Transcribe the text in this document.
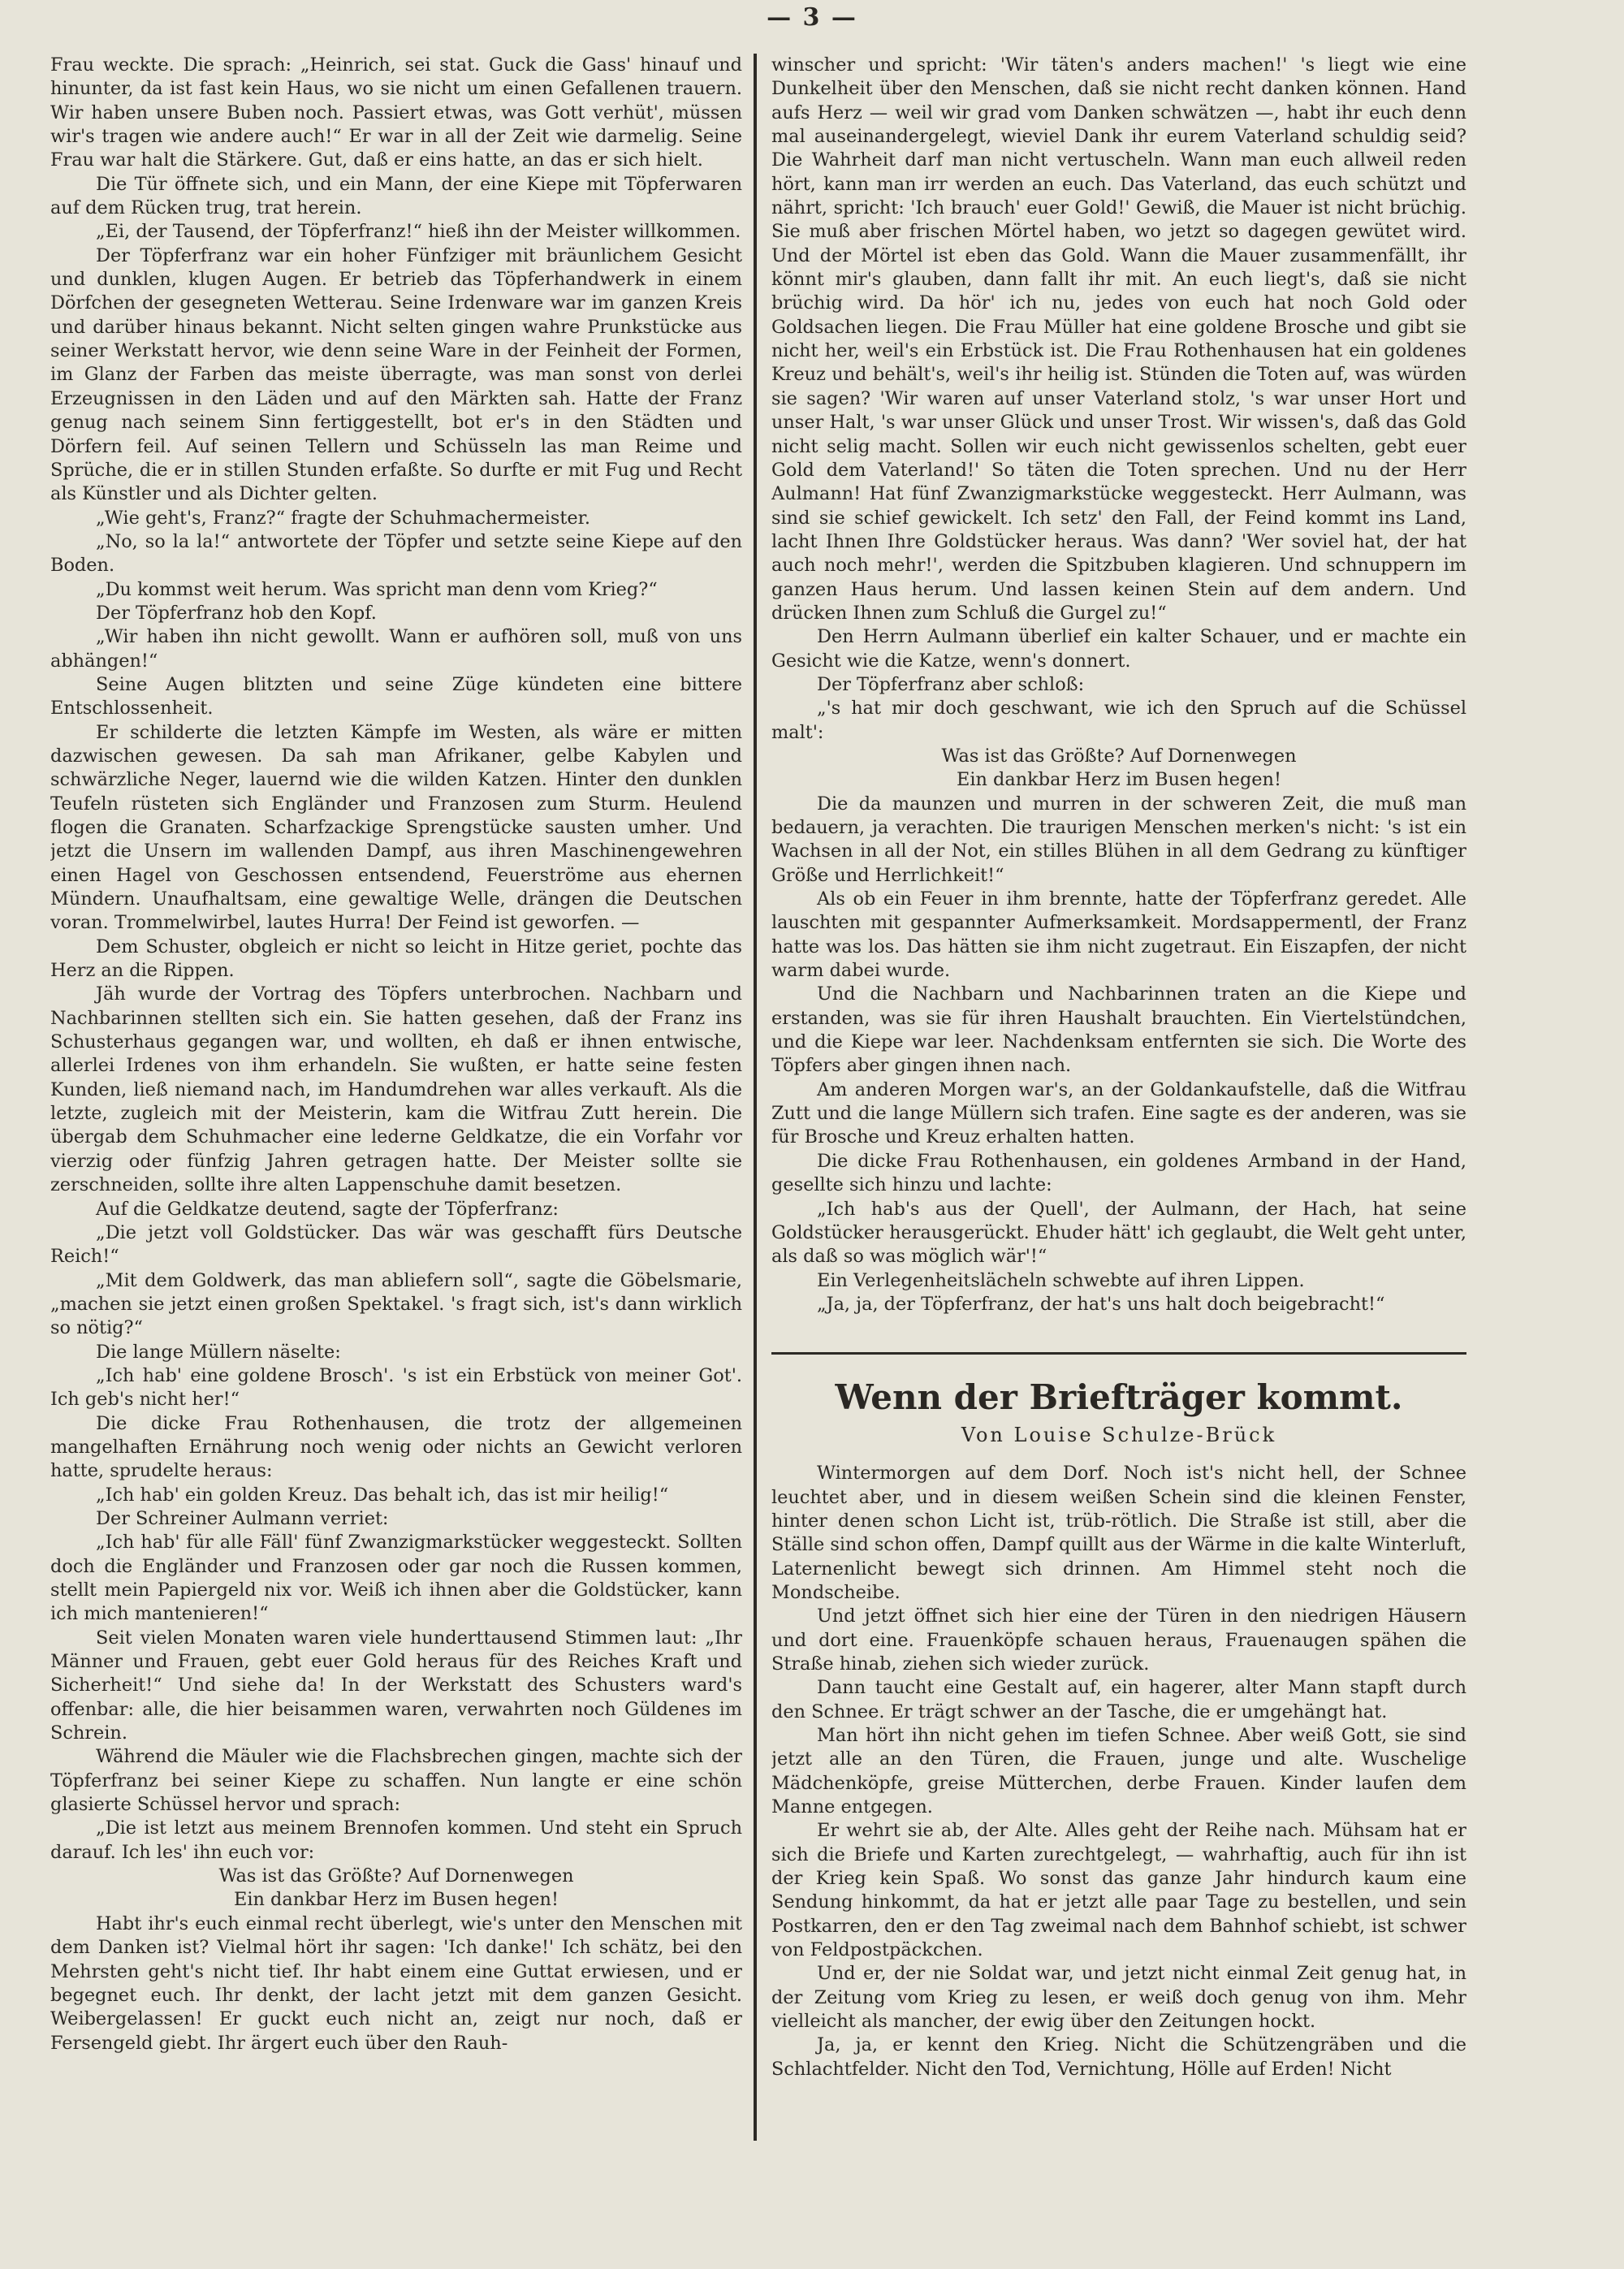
— 3 —

Frau weckte. Die sprach: „Heinrich, sei stat. Guck die Gass' hinauf und hinunter, da ist fast kein Haus, wo sie nicht um einen Gefallenen trauern. Wir haben unsere Buben noch. Passiert etwas, was Gott verhüt', müssen wir's tragen wie andere auch!“ Er war in all der Zeit wie darmelig. Seine Frau war halt die Stärkere. Gut, daß er eins hatte, an das er sich hielt.

Die Tür öffnete sich, und ein Mann, der eine Kiepe mit Töpferwaren auf dem Rücken trug, trat herein.

„Ei, der Tausend, der Töpferfranz!“ hieß ihn der Meister willkommen.

Der Töpferfranz war ein hoher Fünfziger mit bräunlichem Gesicht und dunklen, klugen Augen. Er betrieb das Töpferhandwerk in einem Dörfchen der gesegneten Wetterau. Seine Irdenware war im ganzen Kreis und darüber hinaus bekannt. Nicht selten gingen wahre Prunkstücke aus seiner Werkstatt hervor, wie denn seine Ware in der Feinheit der Formen, im Glanz der Farben das meiste überragte, was man sonst von derlei Erzeugnissen in den Läden und auf den Märkten sah. Hatte der Franz genug nach seinem Sinn fertiggestellt, bot er's in den Städten und Dörfern feil. Auf seinen Tellern und Schüsseln las man Reime und Sprüche, die er in stillen Stunden erfaßte. So durfte er mit Fug und Recht als Künstler und als Dichter gelten.

„Wie geht's, Franz?“ fragte der Schuhmachermeister.

„No, so la la!“ antwortete der Töpfer und setzte seine Kiepe auf den Boden.

„Du kommst weit herum. Was spricht man denn vom Krieg?“

Der Töpferfranz hob den Kopf.

„Wir haben ihn nicht gewollt. Wann er aufhören soll, muß von uns abhängen!“

Seine Augen blitzten und seine Züge kündeten eine bittere Entschlossenheit.

Er schilderte die letzten Kämpfe im Westen, als wäre er mitten dazwischen gewesen. Da sah man Afrikaner, gelbe Kabylen und schwärzliche Neger, lauernd wie die wilden Katzen. Hinter den dunklen Teufeln rüsteten sich Engländer und Franzosen zum Sturm. Heulend flogen die Granaten. Scharfzackige Sprengstücke sausten umher. Und jetzt die Unsern im wallenden Dampf, aus ihren Maschinengewehren einen Hagel von Geschossen entsendend, Feuerströme aus ehernen Mündern. Unaufhaltsam, eine gewaltige Welle, drängen die Deutschen voran. Trommelwirbel, lautes Hurra! Der Feind ist geworfen. —

Dem Schuster, obgleich er nicht so leicht in Hitze geriet, pochte das Herz an die Rippen.

Jäh wurde der Vortrag des Töpfers unterbrochen. Nachbarn und Nachbarinnen stellten sich ein. Sie hatten gesehen, daß der Franz ins Schusterhaus gegangen war, und wollten, eh daß er ihnen entwische, allerlei Irdenes von ihm erhandeln. Sie wußten, er hatte seine festen Kunden, ließ niemand nach, im Handumdrehen war alles verkauft. Als die letzte, zugleich mit der Meisterin, kam die Witfrau Zutt herein. Die übergab dem Schuhmacher eine lederne Geldkatze, die ein Vorfahr vor vierzig oder fünfzig Jahren getragen hatte. Der Meister sollte sie zerschneiden, sollte ihre alten Lappenschuhe damit besetzen.

Auf die Geldkatze deutend, sagte der Töpferfranz:

„Die jetzt voll Goldstücker. Das wär was geschafft fürs Deutsche Reich!“

„Mit dem Goldwerk, das man abliefern soll“, sagte die Göbelsmarie, „machen sie jetzt einen großen Spektakel. 's fragt sich, ist's dann wirklich so nötig?“

Die lange Müllern näselte:

„Ich hab' eine goldene Brosch'. 's ist ein Erbstück von meiner Got'. Ich geb's nicht her!“

Die dicke Frau Rothenhausen, die trotz der allgemeinen mangelhaften Ernährung noch wenig oder nichts an Gewicht verloren hatte, sprudelte heraus:

„Ich hab' ein golden Kreuz. Das behalt ich, das ist mir heilig!“

Der Schreiner Aulmann verriet:

„Ich hab' für alle Fäll' fünf Zwanzigmarkstücker weggesteckt. Sollten doch die Engländer und Franzosen oder gar noch die Russen kommen, stellt mein Papiergeld nix vor. Weiß ich ihnen aber die Goldstücker, kann ich mich mantenieren!“

Seit vielen Monaten waren viele hunderttausend Stimmen laut: „Ihr Männer und Frauen, gebt euer Gold heraus für des Reiches Kraft und Sicherheit!“ Und siehe da! In der Werkstatt des Schusters ward's offenbar: alle, die hier beisammen waren, verwahrten noch Güldenes im Schrein.

Während die Mäuler wie die Flachsbrechen gingen, machte sich der Töpferfranz bei seiner Kiepe zu schaffen. Nun langte er eine schön glasierte Schüssel hervor und sprach:

„Die ist letzt aus meinem Brennofen kommen. Und steht ein Spruch darauf. Ich les' ihn euch vor:

Was ist das Größte? Auf Dornenwegen

Ein dankbar Herz im Busen hegen!

Habt ihr's euch einmal recht überlegt, wie's unter den Menschen mit dem Danken ist? Vielmal hört ihr sagen: 'Ich danke!' Ich schätz, bei den Mehrsten geht's nicht tief. Ihr habt einem eine Guttat erwiesen, und er begegnet euch. Ihr denkt, der lacht jetzt mit dem ganzen Gesicht. Weibergelassen! Er guckt euch nicht an, zeigt nur noch, daß er Fersengeld giebt. Ihr ärgert euch über den Rauh-

winscher und spricht: 'Wir täten's anders machen!' 's liegt wie eine Dunkelheit über den Menschen, daß sie nicht recht danken können. Hand aufs Herz — weil wir grad vom Danken schwätzen —, habt ihr euch denn mal auseinandergelegt, wieviel Dank ihr eurem Vaterland schuldig seid? Die Wahrheit darf man nicht vertuscheln. Wann man euch allweil reden hört, kann man irr werden an euch. Das Vaterland, das euch schützt und nährt, spricht: 'Ich brauch' euer Gold!' Gewiß, die Mauer ist nicht brüchig. Sie muß aber frischen Mörtel haben, wo jetzt so dagegen gewütet wird. Und der Mörtel ist eben das Gold. Wann die Mauer zusammenfällt, ihr könnt mir's glauben, dann fallt ihr mit. An euch liegt's, daß sie nicht brüchig wird. Da hör' ich nu, jedes von euch hat noch Gold oder Goldsachen liegen. Die Frau Müller hat eine goldene Brosche und gibt sie nicht her, weil's ein Erbstück ist. Die Frau Rothenhausen hat ein goldenes Kreuz und behält's, weil's ihr heilig ist. Stünden die Toten auf, was würden sie sagen? 'Wir waren auf unser Vaterland stolz, 's war unser Hort und unser Halt, 's war unser Glück und unser Trost. Wir wissen's, daß das Gold nicht selig macht. Sollen wir euch nicht gewissenlos schelten, gebt euer Gold dem Vaterland!' So täten die Toten sprechen. Und nu der Herr Aulmann! Hat fünf Zwanzigmarkstücke weggesteckt. Herr Aulmann, was sind sie schief gewickelt. Ich setz' den Fall, der Feind kommt ins Land, lacht Ihnen Ihre Goldstücker heraus. Was dann? 'Wer soviel hat, der hat auch noch mehr!', werden die Spitzbuben klagieren. Und schnuppern im ganzen Haus herum. Und lassen keinen Stein auf dem andern. Und drücken Ihnen zum Schluß die Gurgel zu!“

Den Herrn Aulmann überlief ein kalter Schauer, und er machte ein Gesicht wie die Katze, wenn's donnert.

Der Töpferfranz aber schloß:

„'s hat mir doch geschwant, wie ich den Spruch auf die Schüssel malt':

Was ist das Größte? Auf Dornenwegen

Ein dankbar Herz im Busen hegen!

Die da maunzen und murren in der schweren Zeit, die muß man bedauern, ja verachten. Die traurigen Menschen merken's nicht: 's ist ein Wachsen in all der Not, ein stilles Blühen in all dem Gedrang zu künftiger Größe und Herrlichkeit!“

Als ob ein Feuer in ihm brennte, hatte der Töpferfranz geredet. Alle lauschten mit gespannter Aufmerksamkeit. Mordsappermentl, der Franz hatte was los. Das hätten sie ihm nicht zugetraut. Ein Eiszapfen, der nicht warm dabei wurde.

Und die Nachbarn und Nachbarinnen traten an die Kiepe und erstanden, was sie für ihren Haushalt brauchten. Ein Viertelstündchen, und die Kiepe war leer. Nachdenksam entfernten sie sich. Die Worte des Töpfers aber gingen ihnen nach.

Am anderen Morgen war's, an der Goldankaufstelle, daß die Witfrau Zutt und die lange Müllern sich trafen. Eine sagte es der anderen, was sie für Brosche und Kreuz erhalten hatten.

Die dicke Frau Rothenhausen, ein goldenes Armband in der Hand, gesellte sich hinzu und lachte:

„Ich hab's aus der Quell', der Aulmann, der Hach, hat seine Goldstücker herausgerückt. Ehuder hätt' ich geglaubt, die Welt geht unter, als daß so was möglich wär'!“

Ein Verlegenheitslächeln schwebte auf ihren Lippen.

„Ja, ja, der Töpferfranz, der hat's uns halt doch beigebracht!“

Wenn der Briefträger kommt.
Von Louise Schulze-Brück

Wintermorgen auf dem Dorf. Noch ist's nicht hell, der Schnee leuchtet aber, und in diesem weißen Schein sind die kleinen Fenster, hinter denen schon Licht ist, trüb-rötlich. Die Straße ist still, aber die Ställe sind schon offen, Dampf quillt aus der Wärme in die kalte Winterluft, Laternenlicht bewegt sich drinnen. Am Himmel steht noch die Mondscheibe.

Und jetzt öffnet sich hier eine der Türen in den niedrigen Häusern und dort eine. Frauenköpfe schauen heraus, Frauenaugen spähen die Straße hinab, ziehen sich wieder zurück.

Dann taucht eine Gestalt auf, ein hagerer, alter Mann stapft durch den Schnee. Er trägt schwer an der Tasche, die er umgehängt hat.

Man hört ihn nicht gehen im tiefen Schnee. Aber weiß Gott, sie sind jetzt alle an den Türen, die Frauen, junge und alte. Wuschelige Mädchenköpfe, greise Mütterchen, derbe Frauen. Kinder laufen dem Manne entgegen.

Er wehrt sie ab, der Alte. Alles geht der Reihe nach. Mühsam hat er sich die Briefe und Karten zurechtgelegt, — wahrhaftig, auch für ihn ist der Krieg kein Spaß. Wo sonst das ganze Jahr hindurch kaum eine Sendung hinkommt, da hat er jetzt alle paar Tage zu bestellen, und sein Postkarren, den er den Tag zweimal nach dem Bahnhof schiebt, ist schwer von Feldpostpäckchen.

Und er, der nie Soldat war, und jetzt nicht einmal Zeit genug hat, in der Zeitung vom Krieg zu lesen, er weiß doch genug von ihm. Mehr vielleicht als mancher, der ewig über den Zeitungen hockt.

Ja, ja, er kennt den Krieg. Nicht die Schützengräben und die Schlachtfelder. Nicht den Tod, Vernichtung, Hölle auf Erden! Nicht
